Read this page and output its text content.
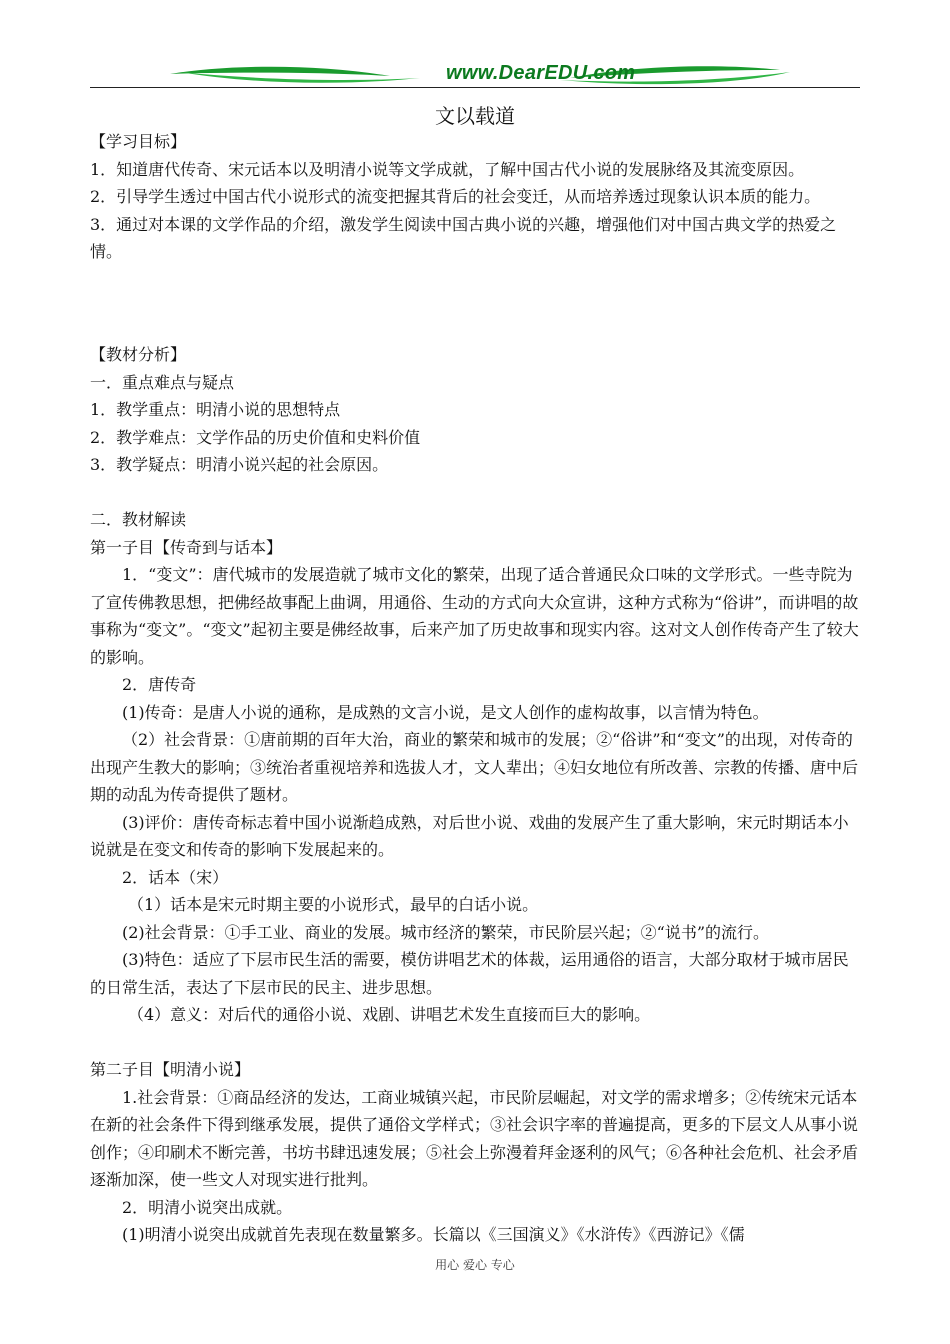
www.DearEDU.com
文以载道

【学习目标】

1．知道唐代传奇、宋元话本以及明清小说等文学成就，了解中国古代小说的发展脉络及其流变原因。

2．引导学生透过中国古代小说形式的流变把握其背后的社会变迁，从而培养透过现象认识本质的能力。

3．通过对本课的文学作品的介绍，激发学生阅读中国古典小说的兴趣，增强他们对中国古典文学的热爱之情。

【教材分析】

一．重点难点与疑点

1．教学重点：明清小说的思想特点

2．教学难点：文学作品的历史价值和史料价值

3．教学疑点：明清小说兴起的社会原因。

二．教材解读

第一子目【传奇到与话本】

1．“变文”：唐代城市的发展造就了城市文化的繁荣，出现了适合普通民众口味的文学形式。一些寺院为了宣传佛教思想，把佛经故事配上曲调，用通俗、生动的方式向大众宣讲，这种方式称为“俗讲”，而讲唱的故事称为“变文”。“变文”起初主要是佛经故事，后来产加了历史故事和现实内容。这对文人创作传奇产生了较大的影响。

2．唐传奇

(1)传奇：是唐人小说的通称，是成熟的文言小说，是文人创作的虚构故事，以言情为特色。

（2）社会背景：①唐前期的百年大治，商业的繁荣和城市的发展；②“俗讲”和“变文”的出现，对传奇的出现产生教大的影响；③统治者重视培养和选拔人才，文人辈出；④妇女地位有所改善、宗教的传播、唐中后期的动乱为传奇提供了题材。

(3)评价：唐传奇标志着中国小说渐趋成熟，对后世小说、戏曲的发展产生了重大影响，宋元时期话本小说就是在变文和传奇的影响下发展起来的。

2．话本（宋）

（1）话本是宋元时期主要的小说形式，最早的白话小说。

(2)社会背景：①手工业、商业的发展。城市经济的繁荣，市民阶层兴起；②“说书”的流行。

(3)特色：适应了下层市民生活的需要，模仿讲唱艺术的体裁，运用通俗的语言，大部分取材于城市居民的日常生活，表达了下层市民的民主、进步思想。

（4）意义：对后代的通俗小说、戏剧、讲唱艺术发生直接而巨大的影响。

第二子目【明清小说】

1.社会背景：①商品经济的发达，工商业城镇兴起，市民阶层崛起，对文学的需求增多；②传统宋元话本在新的社会条件下得到继承发展，提供了通俗文学样式；③社会识字率的普遍提高，更多的下层文人从事小说创作；④印刷术不断完善，书坊书肆迅速发展；⑤社会上弥漫着拜金逐利的风气；⑥各种社会危机、社会矛盾逐渐加深，使一些文人对现实进行批判。

2．明清小说突出成就。

(1)明清小说突出成就首先表现在数量繁多。长篇以《三国演义》《水浒传》《西游记》《儒

用心 爱心 专心
